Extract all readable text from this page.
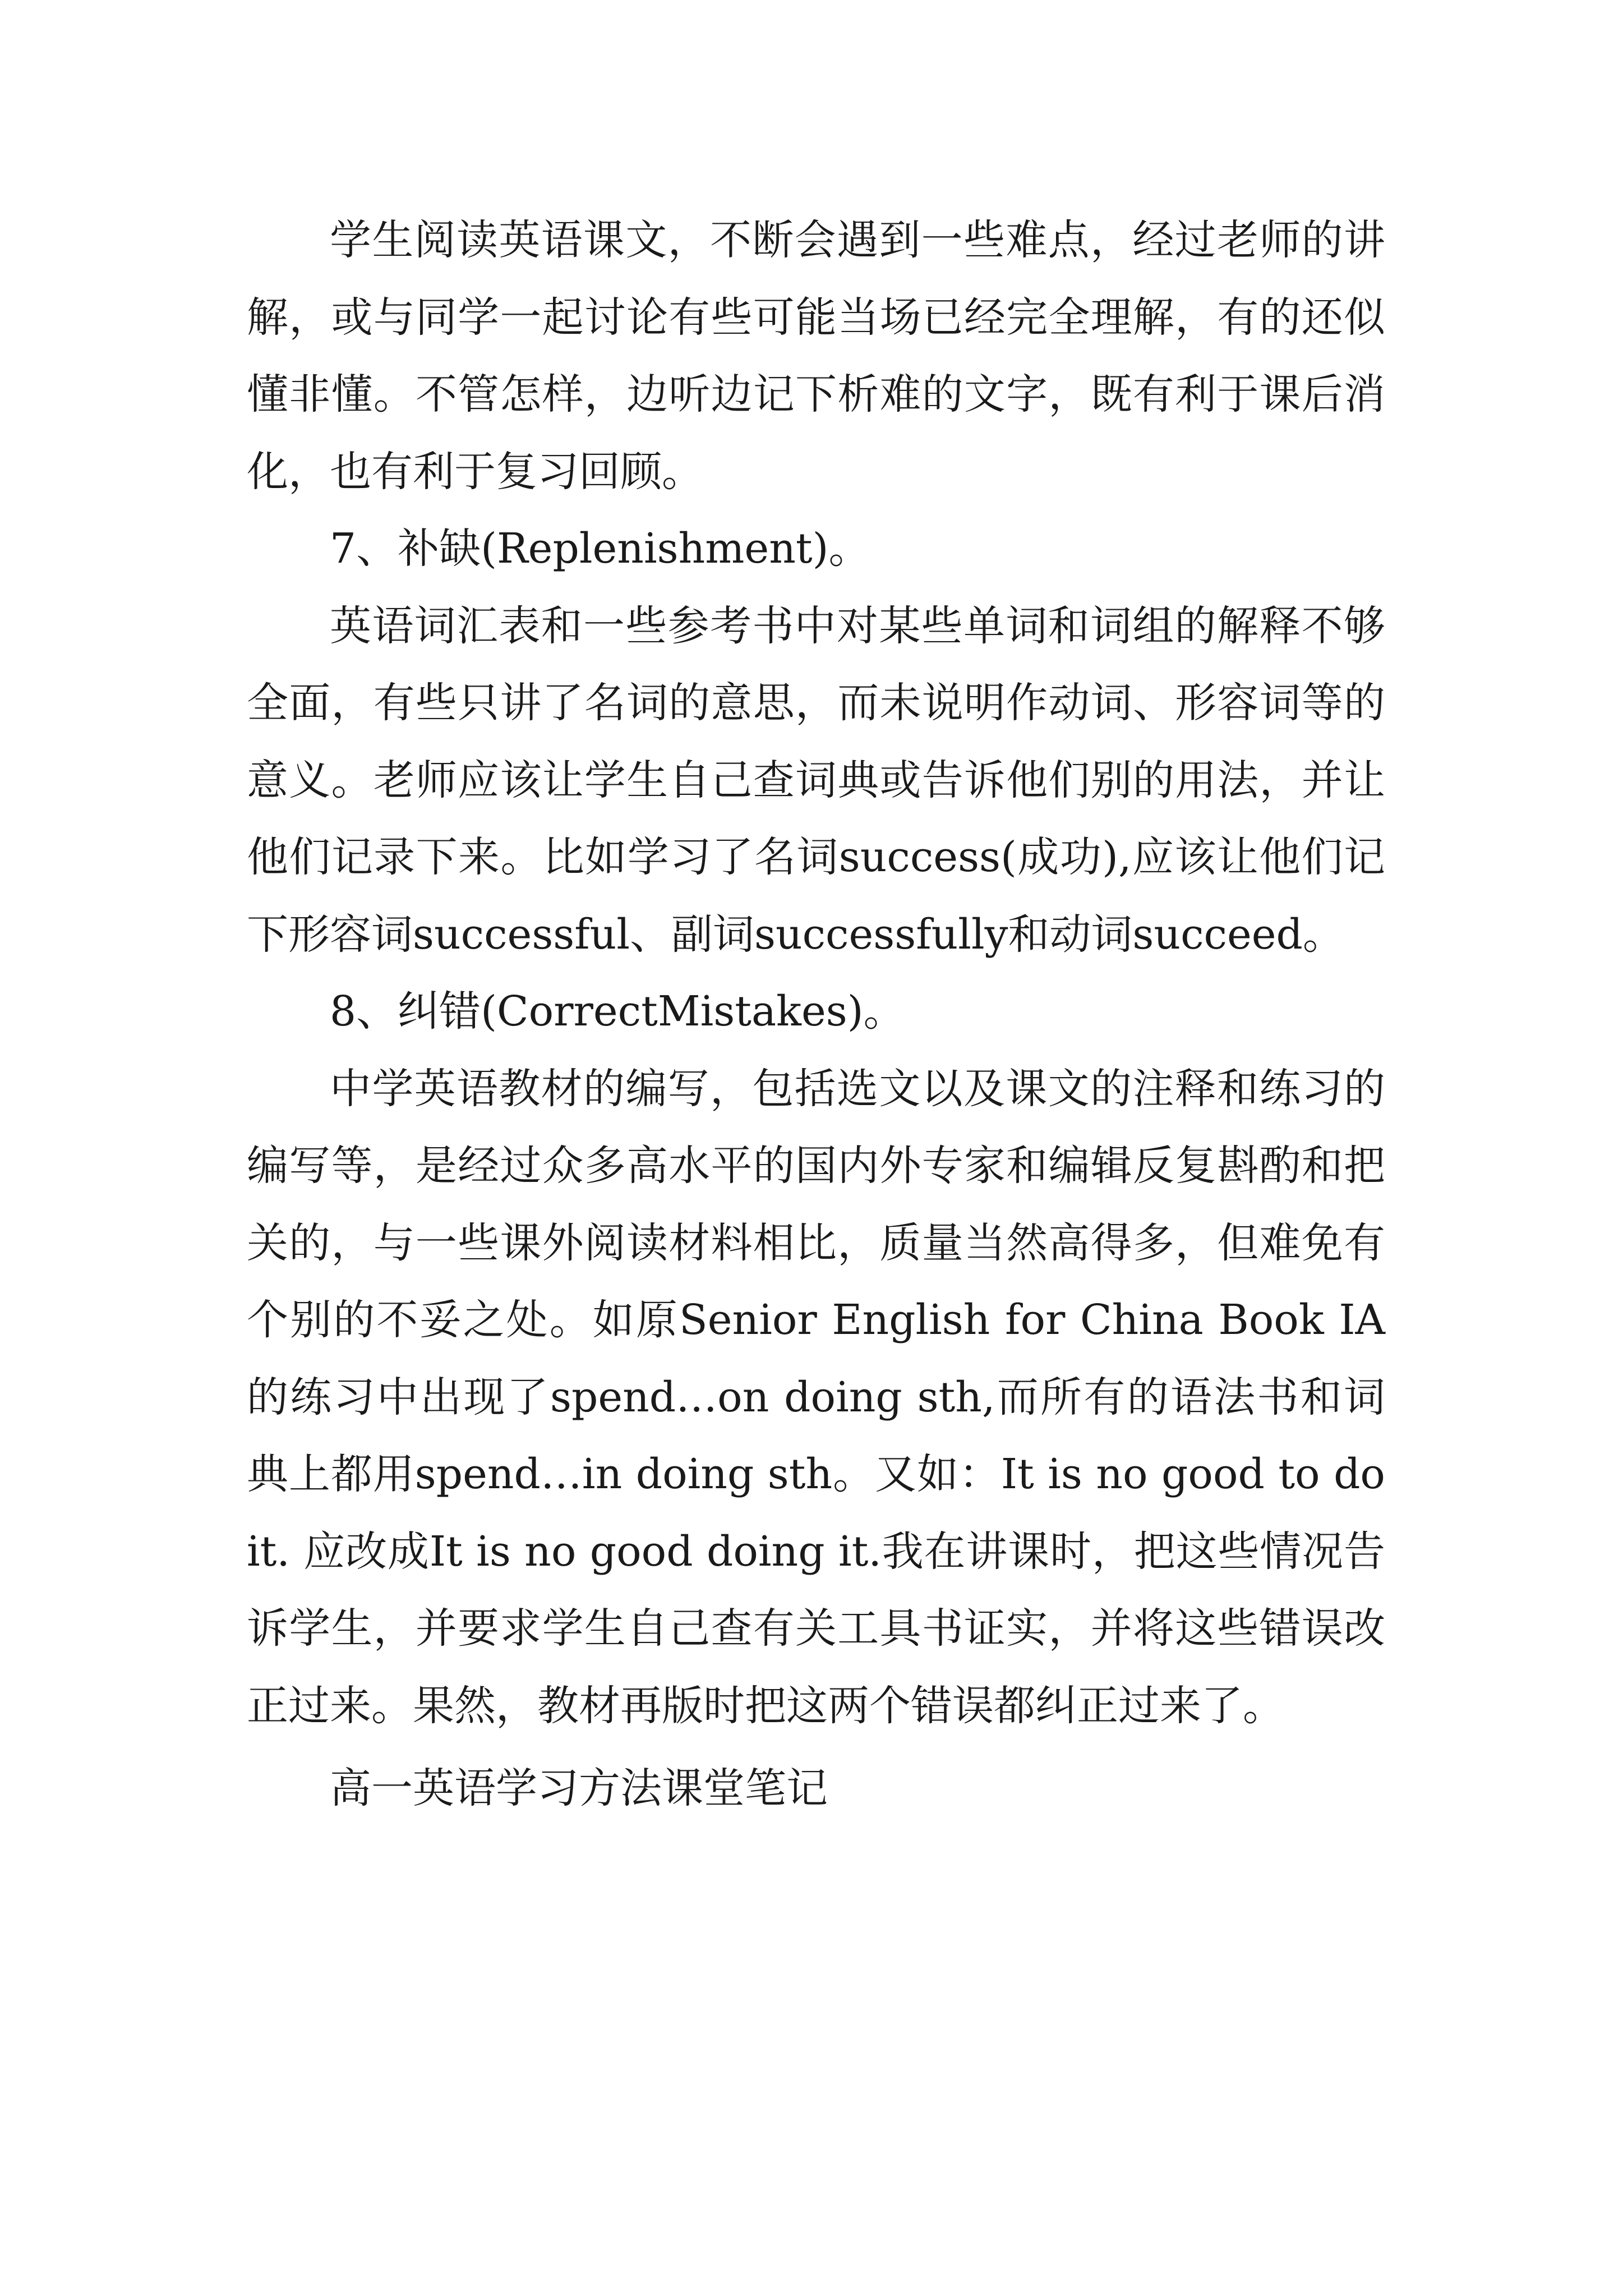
学生阅读英语课文，不断会遇到一些难点，经过老师的讲解，或与同学一起讨论有些可能当场已经完全理解，有的还似懂非懂。不管怎样，边听边记下析难的文字，既有利于课后消化，也有利于复习回顾。

7、补缺(Replenishment)。

英语词汇表和一些参考书中对某些单词和词组的解释不够全面，有些只讲了名词的意思，而未说明作动词、形容词等的意义。老师应该让学生自己查词典或告诉他们别的用法，并让他们记录下来。比如学习了名词success(成功),应该让他们记下形容词successful、副词successfully和动词succeed。

8、纠错(CorrectMistakes)。

中学英语教材的编写，包括选文以及课文的注释和练习的编写等，是经过众多高水平的国内外专家和编辑反复斟酌和把关的，与一些课外阅读材料相比，质量当然高得多，但难免有个别的不妥之处。如原Senior English for China Book IA的练习中出现了spend…on doing sth,而所有的语法书和词典上都用spend…in doing sth。又如：It is no good to do it. 应改成It is no good doing it.我在讲课时，把这些情况告诉学生，并要求学生自己查有关工具书证实，并将这些错误改正过来。果然，教材再版时把这两个错误都纠正过来了。

高一英语学习方法课堂笔记
